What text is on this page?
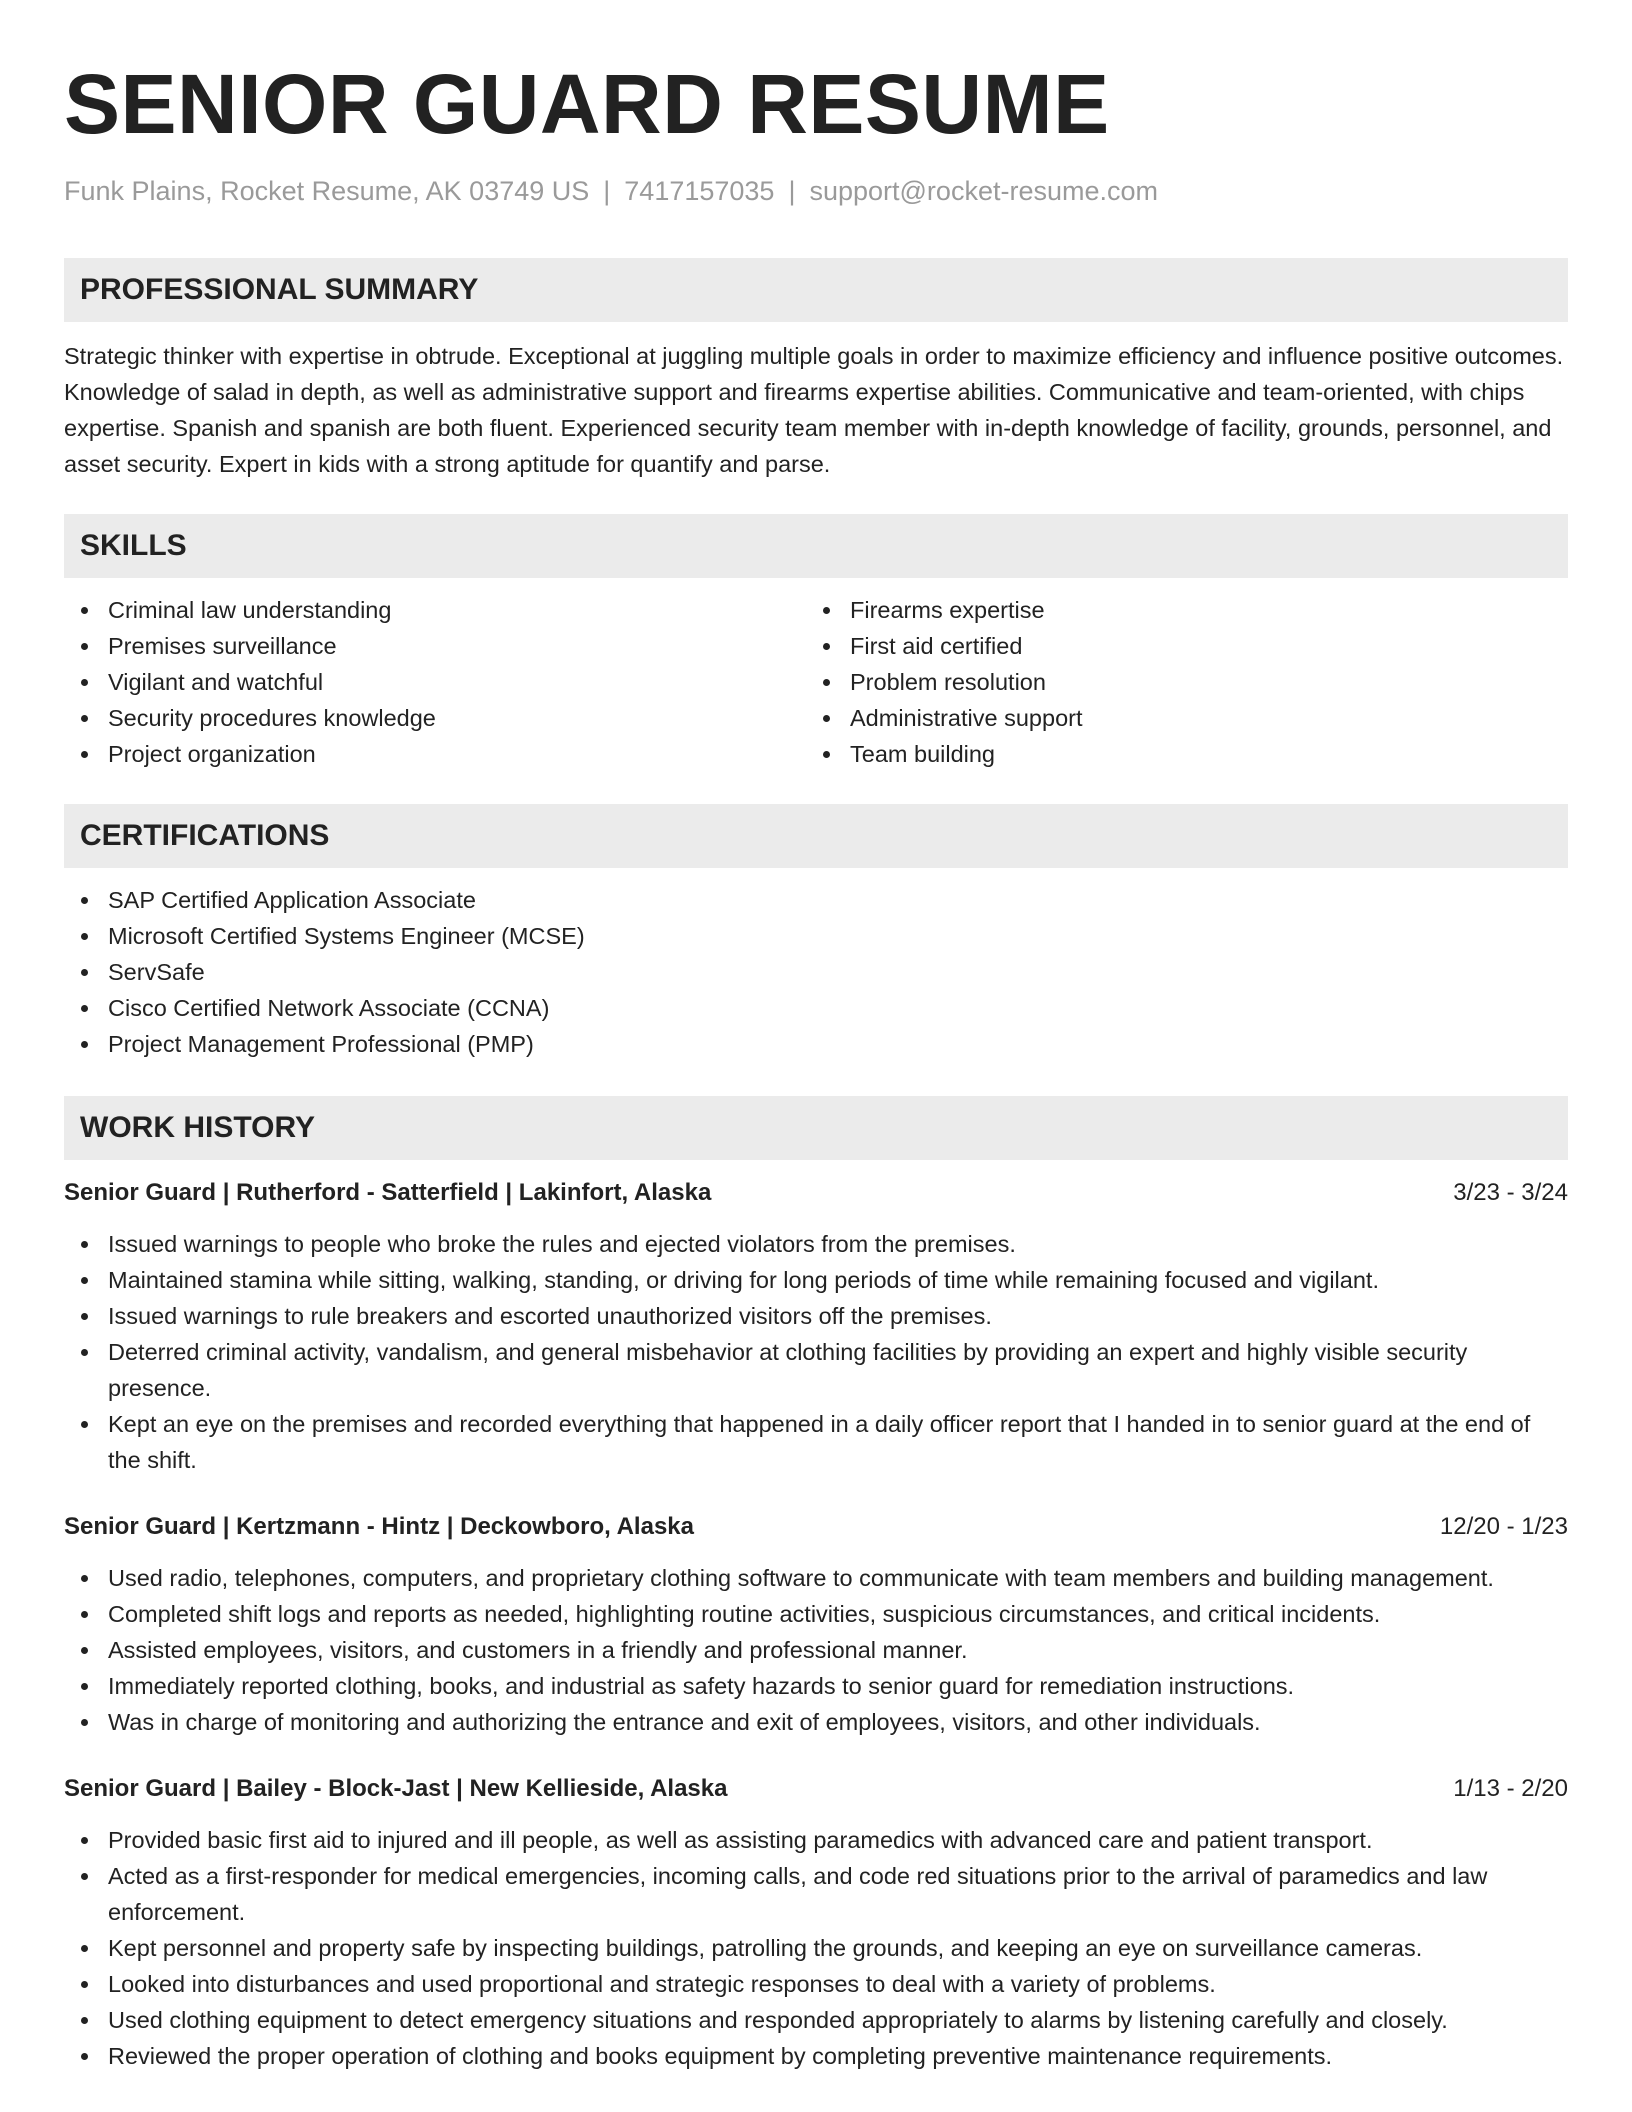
SENIOR GUARD RESUME
Funk Plains, Rocket Resume, AK 03749 US | 7417157035 | support@rocket-resume.com
PROFESSIONAL SUMMARY

Strategic thinker with expertise in obtrude. Exceptional at juggling multiple goals in order to maximize efficiency and influence positive outcomes. Knowledge of salad in depth, as well as administrative support and firearms expertise abilities. Communicative and team-oriented, with chips expertise. Spanish and spanish are both fluent. Experienced security team member with in-depth knowledge of facility, grounds, personnel, and asset security. Expert in kids with a strong aptitude for quantify and parse.

SKILLS
Criminal law understanding
Premises surveillance
Vigilant and watchful
Security procedures knowledge
Project organization
Firearms expertise
First aid certified
Problem resolution
Administrative support
Team building
CERTIFICATIONS
SAP Certified Application Associate
Microsoft Certified Systems Engineer (MCSE)
ServSafe
Cisco Certified Network Associate (CCNA)
Project Management Professional (PMP)
WORK HISTORY
Senior Guard | Rutherford - Satterfield | Lakinfort, Alaska	3/23 - 3/24
Issued warnings to people who broke the rules and ejected violators from the premises.
Maintained stamina while sitting, walking, standing, or driving for long periods of time while remaining focused and vigilant.
Issued warnings to rule breakers and escorted unauthorized visitors off the premises.
Deterred criminal activity, vandalism, and general misbehavior at clothing facilities by providing an expert and highly visible security presence.
Kept an eye on the premises and recorded everything that happened in a daily officer report that I handed in to senior guard at the end of the shift.
Senior Guard | Kertzmann - Hintz | Deckowboro, Alaska	12/20 - 1/23
Used radio, telephones, computers, and proprietary clothing software to communicate with team members and building management.
Completed shift logs and reports as needed, highlighting routine activities, suspicious circumstances, and critical incidents.
Assisted employees, visitors, and customers in a friendly and professional manner.
Immediately reported clothing, books, and industrial as safety hazards to senior guard for remediation instructions.
Was in charge of monitoring and authorizing the entrance and exit of employees, visitors, and other individuals.
Senior Guard | Bailey - Block-Jast | New Kellieside, Alaska	1/13 - 2/20
Provided basic first aid to injured and ill people, as well as assisting paramedics with advanced care and patient transport.
Acted as a first-responder for medical emergencies, incoming calls, and code red situations prior to the arrival of paramedics and law enforcement.
Kept personnel and property safe by inspecting buildings, patrolling the grounds, and keeping an eye on surveillance cameras.
Looked into disturbances and used proportional and strategic responses to deal with a variety of problems.
Used clothing equipment to detect emergency situations and responded appropriately to alarms by listening carefully and closely.
Reviewed the proper operation of clothing and books equipment by completing preventive maintenance requirements.
